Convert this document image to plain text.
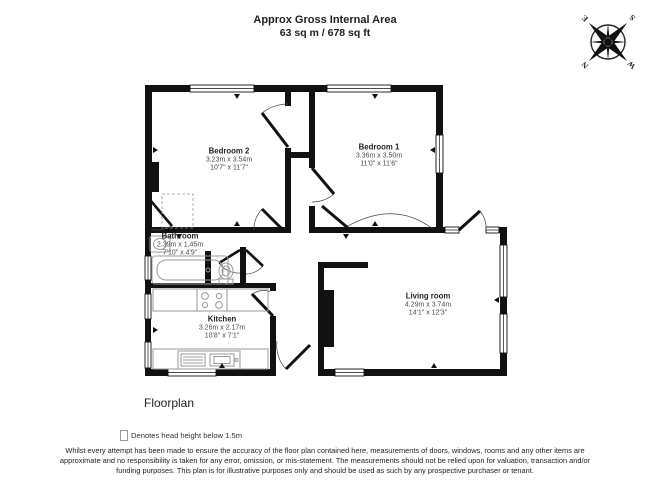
Approx Gross Internal Area
63 sq m / 678 sq ft
N
E	S
W
Bedroom 2
3.23m x 3.54m
10'7" x 11'7"
Bedroom 1
3.36m x 3.50m
11'0" x 11'6"
Bathroom
2.39m x 1.45m
7'10" x 4'9"
Kitchen
3.26m x 2.17m
10'8" x 7'1"
Living room
4.29m x 3.74m
14'1" x 12'3"
Floorplan
Denotes head height below 1.5m
Whilst every attempt has been made to ensure the accuracy of the floor plan contained here, measurements of doors, windows, rooms and any other items are approximate and no responsibility is taken for any error, omission, or mis-statement. The measurements should not be relied upon for valuation, transaction and/or funding purposes. This plan is for illustrative purposes only and should be used as such by any prospective purchaser or tenant.
